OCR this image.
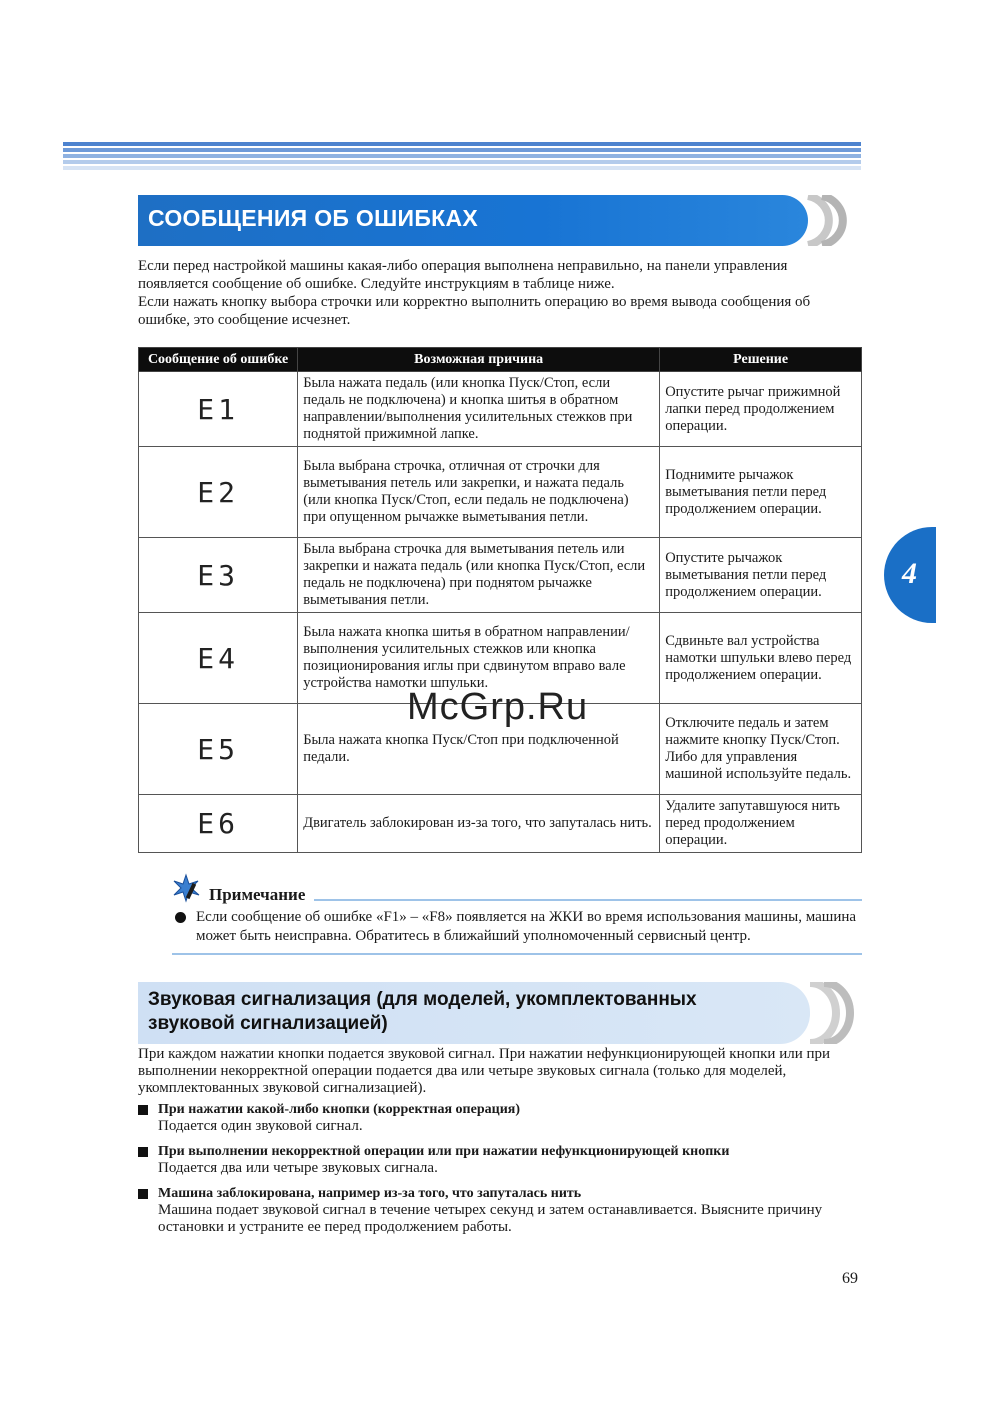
СООБЩЕНИЯ ОБ ОШИБКАХ

Если перед настройкой машины какая-либо операция выполнена неправильно, на панели управления появляется сообщение об ошибке. Следуйте инструкциям в таблице ниже.

Если нажать кнопку выбора строчки или корректно выполнить операцию во время вывода сообщения об ошибке, это сообщение исчезнет.

Сообщение об ошибке	Возможная причина	Решение
E1	Была нажата педаль (или кнопка Пуск/Стоп, если педаль не подключена) и кнопка шитья в обратном направлении/выполнения усилительных стежков при поднятой прижимной лапке.	Опустите рычаг прижимной лапки перед продолжением операции.
E2	Была выбрана строчка, отличная от строчки для выметывания петель или закрепки, и нажата педаль (или кнопка Пуск/Стоп, если педаль не подключена) при опущенном рычажке выметывания петли.	Поднимите рычажок выметывания петли перед продолжением операции.
E3	Была выбрана строчка для выметывания петель или закрепки и нажата педаль (или кнопка Пуск/Стоп, если педаль не подключена) при поднятом рычажке выметывания петли.	Опустите рычажок выметывания петли перед продолжением операции.
E4	Была нажата кнопка шитья в обратном направлении/выполнения усилительных стежков или кнопка позиционирования иглы при сдвинутом вправо вале устройства намотки шпульки.	Сдвиньте вал устройства намотки шпульки влево перед продолжением операции.
E5	Была нажата кнопка Пуск/Стоп при подключенной педали.	Отключите педаль и затем нажмите кнопку Пуск/Стоп. Либо для управления машиной используйте педаль.
E6	Двигатель заблокирован из-за того, что запуталась нить.	Удалите запутавшуюся нить перед продолжением операции.
4
McGrp.Ru
Примечание
Если сообщение об ошибке «F1» – «F8» появляется на ЖКИ во время использования машины, машина может быть неисправна. Обратитесь в ближайший уполномоченный сервисный центр.
Звуковая сигнализация (для моделей, укомплектованных
звуковой сигнализацией)
При каждом нажатии кнопки подается звуковой сигнал. При нажатии нефункционирующей кнопки или при выполнении некорректной операции подается два или четыре звуковых сигнала (только для моделей, укомплектованных звуковой сигнализацией).
При нажатии какой-либо кнопки (корректная операция)
Подается один звуковой сигнал.
При выполнении некорректной операции или при нажатии нефункционирующей кнопки
Подается два или четыре звуковых сигнала.
Машина заблокирована, например из-за того, что запуталась нить
Машина подает звуковой сигнал в течение четырех секунд и затем останавливается. Выясните причину остановки и устраните ее перед продолжением работы.
69
